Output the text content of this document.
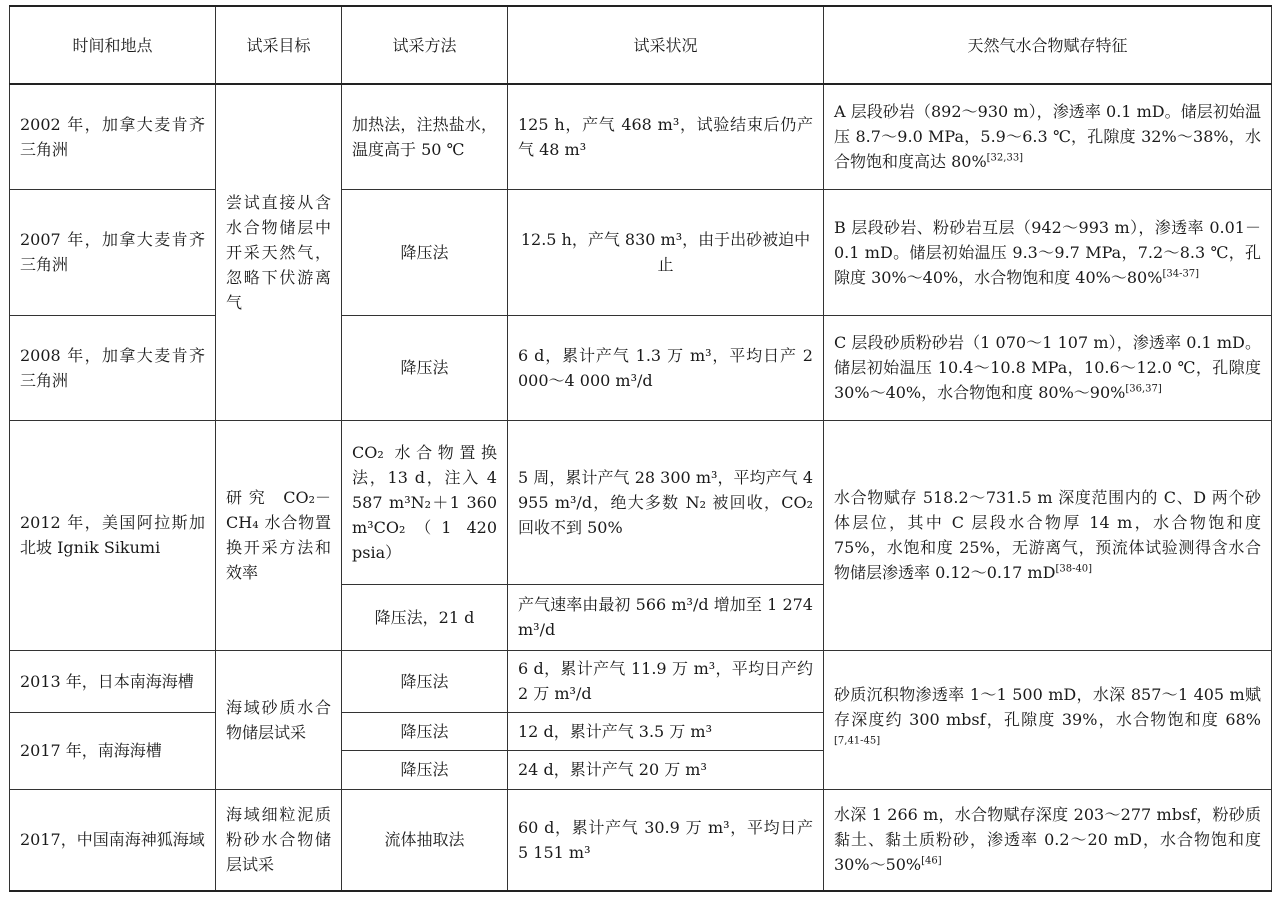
时间和地点	试采目标	试采方法	试采状况	天然气水合物赋存特征
2002 年，加拿大麦肯齐三角洲	尝试直接从含水合物储层中开采天然气，忽略下伏游离气	加热法，注热盐水，温度高于 50 ℃	125 h，产气 468 m³，试验结束后仍产气 48 m³	A 层段砂岩（892～930 m），渗透率 0.1 mD。储层初始温压 8.7～9.0 MPa，5.9～6.3 ℃，孔隙度 32%～38%，水合物饱和度高达 80%[32,33]
2007 年，加拿大麦肯齐三角洲		降压法	12.5 h，产气 830 m³，由于出砂被迫中止	B 层段砂岩、粉砂岩互层（942～993 m），渗透率 0.01－0.1 mD。储层初始温压 9.3～9.7 MPa，7.2～8.3 ℃，孔隙度 30%～40%，水合物饱和度 40%～80%[34-37]
2008 年，加拿大麦肯齐三角洲		降压法	6 d，累计产气 1.3 万 m³，平均日产 2 000～4 000 m³/d	C 层段砂质粉砂岩（1 070～1 107 m），渗透率 0.1 mD。储层初始温压 10.4～10.8 MPa，10.6～12.0 ℃，孔隙度 30%～40%，水合物饱和度 80%～90%[36,37]
2012 年，美国阿拉斯加北坡 Ignik Sikumi	研究 CO₂－CH₄ 水合物置换开采方法和效率	CO₂ 水合物置换法，13 d，注入 4 587 m³N₂＋1 360 m³CO₂（1 420 psia）	5 周，累计产气 28 300 m³，平均产气 4 955 m³/d，绝大多数 N₂ 被回收，CO₂ 回收不到 50%	水合物赋存 518.2～731.5 m 深度范围内的 C、D 两个砂体层位，其中 C 层段水合物厚 14 m，水合物饱和度 75%，水饱和度 25%，无游离气，预流体试验测得含水合物储层渗透率 0.12～0.17 mD[38-40]
		降压法，21 d	产气速率由最初 566 m³/d 增加至 1 274 m³/d	
2013 年，日本南海海槽	海域砂质水合物储层试采	降压法	6 d，累计产气 11.9 万 m³，平均日产约 2 万 m³/d	砂质沉积物渗透率 1～1 500 mD，水深 857～1 405 m赋存深度约 300 mbsf，孔隙度 39%，水合物饱和度 68%[7,41-45]
2017 年，南海海槽		降压法	12 d，累计产气 3.5 万 m³	
		降压法	24 d，累计产气 20 万 m³	
2017，中国南海神狐海域	海域细粒泥质粉砂水合物储层试采	流体抽取法	60 d，累计产气 30.9 万 m³，平均日产 5 151 m³	水深 1 266 m，水合物赋存深度 203～277 mbsf，粉砂质黏土、黏土质粉砂，渗透率 0.2～20 mD，水合物饱和度 30%～50%[46]
